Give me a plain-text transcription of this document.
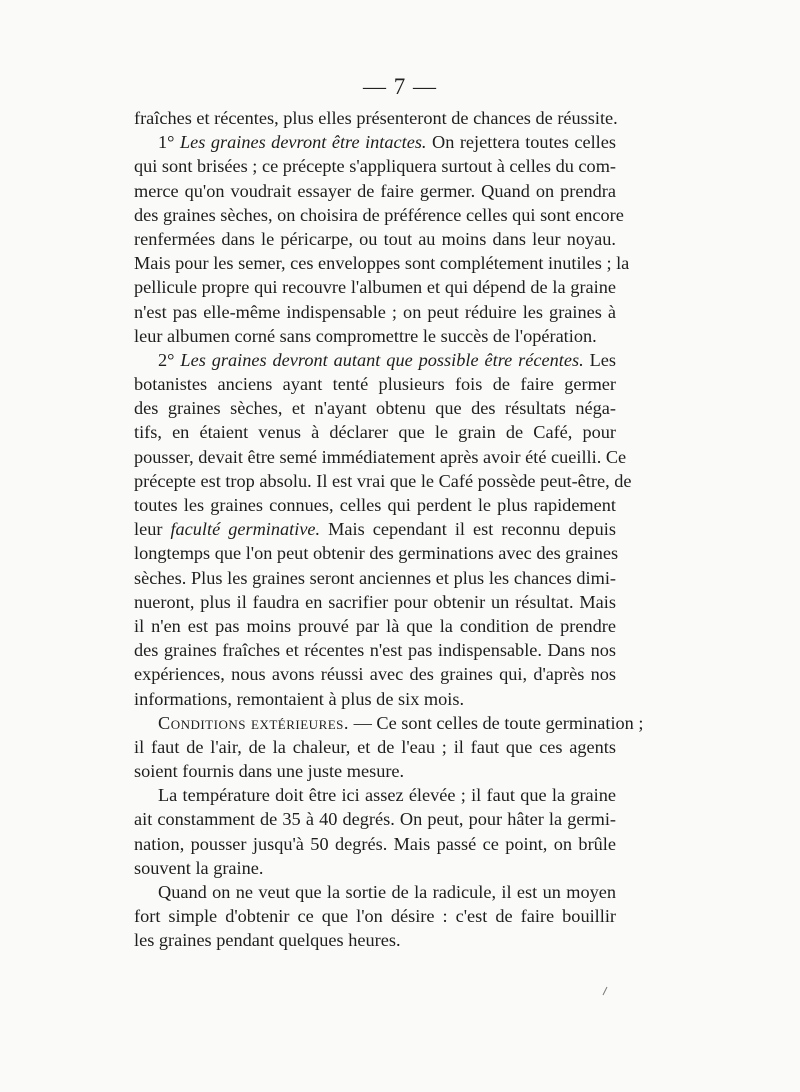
— 7 —
fraîches et récentes, plus elles présenteront de chances de réussite.
1° Les graines devront être intactes. On rejettera toutes celles
qui sont brisées ; ce précepte s'appliquera surtout à celles du com-
merce qu'on voudrait essayer de faire germer. Quand on prendra
des graines sèches, on choisira de préférence celles qui sont encore
renfermées dans le péricarpe, ou tout au moins dans leur noyau.
Mais pour les semer, ces enveloppes sont complétement inutiles ; la
pellicule propre qui recouvre l'albumen et qui dépend de la graine
n'est pas elle-même indispensable ; on peut réduire les graines à
leur albumen corné sans compromettre le succès de l'opération.
2° Les graines devront autant que possible être récentes. Les
botanistes anciens ayant tenté plusieurs fois de faire germer
des graines sèches, et n'ayant obtenu que des résultats néga-
tifs, en étaient venus à déclarer que le grain de Café, pour
pousser, devait être semé immédiatement après avoir été cueilli. Ce
précepte est trop absolu. Il est vrai que le Café possède peut-être, de
toutes les graines connues, celles qui perdent le plus rapidement
leur faculté germinative. Mais cependant il est reconnu depuis
longtemps que l'on peut obtenir des germinations avec des graines
sèches. Plus les graines seront anciennes et plus les chances dimi-
nueront, plus il faudra en sacrifier pour obtenir un résultat. Mais
il n'en est pas moins prouvé par là que la condition de prendre
des graines fraîches et récentes n'est pas indispensable. Dans nos
expériences, nous avons réussi avec des graines qui, d'après nos
informations, remontaient à plus de six mois.
Conditions extérieures. — Ce sont celles de toute germination ;
il faut de l'air, de la chaleur, et de l'eau ; il faut que ces agents
soient fournis dans une juste mesure.
La température doit être ici assez élevée ; il faut que la graine
ait constamment de 35 à 40 degrés. On peut, pour hâter la germi-
nation, pousser jusqu'à 50 degrés. Mais passé ce point, on brûle
souvent la graine.
Quand on ne veut que la sortie de la radicule, il est un moyen
fort simple d'obtenir ce que l'on désire : c'est de faire bouillir
les graines pendant quelques heures.
